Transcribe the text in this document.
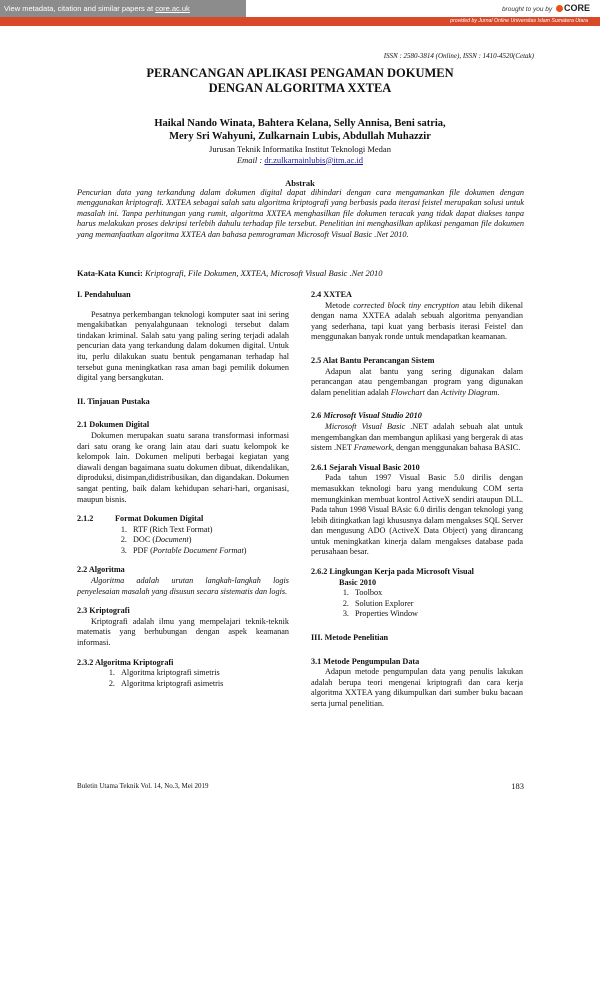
View metadata, citation and similar papers at core.ac.uk	brought to you by CORE
provided by Jurnal Online Universitas Islam Sumatera Utara
ISSN : 2580-3814 (Online), ISSN : 1410-4520(Cetak)
PERANCANGAN APLIKASI PENGAMAN DOKUMEN
DENGAN ALGORITMA XXTEA
Haikal Nando Winata, Bahtera Kelana, Selly Annisa, Beni satria,
Mery Sri Wahyuni, Zulkarnain Lubis, Abdullah Muhazzir
Jurusan Teknik Informatika Institut Teknologi Medan
Email : dr.zulkarnainlubis@itm.ac.id
Abstrak
Pencurian data yang terkandung dalam dokumen digital dapat dihindari dengan cara mengamankan file dokumen dengan menggunakan kriptografi. XXTEA sebagai salah satu algoritma kriptografi yang berbasis pada iterasi feistel merupakan solusi untuk masalah ini. Tanpa perhitungan yang rumit, algoritma XXTEA menghasilkan file dokumen teracak yang tidak dapat diakses tanpa harus melakukan proses dekripsi terlebih dahulu terhadap file tersebut. Penelitian ini menghasilkan aplikasi pengaman file dokumen yang memanfaatkan algoritma XXTEA dan bahasa pemrograman Microsoft Visual Basic .Net 2010.
Kata-Kata Kunci: Kriptografi, File Dokumen, XXTEA, Microsoft Visual Basic .Net 2010

I. Pendahuluan

Pesatnya perkembangan teknologi komputer saat ini sering mengakibatkan penyalahgunaan teknologi tersebut dalam tindakan kriminal. Salah satu yang paling sering terjadi adalah pencurian data yang terkandung dalam dokumen digital. Untuk itu, perlu dilakukan suatu bentuk pengamanan terhadap hal tersebut guna meningkatkan rasa aman bagi pemilik dokumen digital yang bersangkutan.

II. Tinjauan Pustaka

2.1 Dokumen Digital

Dokumen merupakan suatu sarana transformasi informasi dari satu orang ke orang lain atau dari suatu kelompok ke kelompok lain. Dokumen meliputi berbagai kegiatan yang diawali dengan bagaimana suatu dokumen dibuat, dikendalikan, diproduksi, disimpan,didistribusikan, dan digandakan. Dokumen sangat penting, baik dalam kehidupan sehari-hari, organisasi, maupun bisnis.

2.1.2	Format Dokumen Digital
1. RTF (Rich Text Format)
2. DOC (Document)
3. PDF (Portable Document Format)

2.2 Algoritma

Algoritma adalah urutan langkah-langkah logis penyelesaian masalah yang disusun secara sistematis dan logis.

2.3 Kriptografi

Kriptografi adalah ilmu yang mempelajari teknik-teknik matematis yang berhubungan dengan aspek keamanan informasi.

2.3.2 Algoritma Kriptografi

1. Algoritma kriptografi simetris
2. Algoritma kriptografi asimetris

2.4 XXTEA

Metode corrected block tiny encryption atau lebih dikenal dengan nama XXTEA adalah sebuah algoritma penyandian yang sederhana, tapi kuat yang berbasis iterasi Feistel dan menggunakan banyak ronde untuk mendapatkan keamanan.

2.5 Alat Bantu Perancangan Sistem

Adapun alat bantu yang sering digunakan dalam perancangan atau pengembangan program yang digunakan dalam penelitian adalah Flowchart dan Activity Diagram.

2.6 Microsoft Visual Studio 2010

Microsoft Visual Basic .NET adalah sebuah alat untuk mengembangkan dan membangun aplikasi yang bergerak di atas sistem .NET Framework, dengan menggunakan bahasa BASIC.

2.6.1 Sejarah Visual Basic 2010

Pada tahun 1997 Visual Basic 5.0 dirilis dengan memasukkan teknologi baru yang mendukung COM serta memungkinkan membuat kontrol ActiveX sendiri ataupun DLL. Pada tahun 1998 Visual BAsic 6.0 dirilis dengan teknologi yang lebih ditingkatkan lagi khususnya dalam mengakses SQL Server dan mengusung ADO (ActiveX Data Object) yang dirancang untuk meningkatkan kinerja dalam mengakses database pada perusahaan besar.

2.6.2 Lingkungan Kerja pada Microsoft Visual
Basic 2010

1. Toolbox
2. Solution Explorer
3. Properties Window

III. Metode Penelitian

3.1 Metode Pengumpulan Data

Adapun metode pengumpulan data yang penulis lakukan adalah berupa teori mengenai kriptografi dan cara kerja algoritma XXTEA yang dikumpulkan dari sumber buku bacaan serta jurnal penelitian.

Buletin Utama Teknik Vol. 14, No.3, Mei 2019	183
